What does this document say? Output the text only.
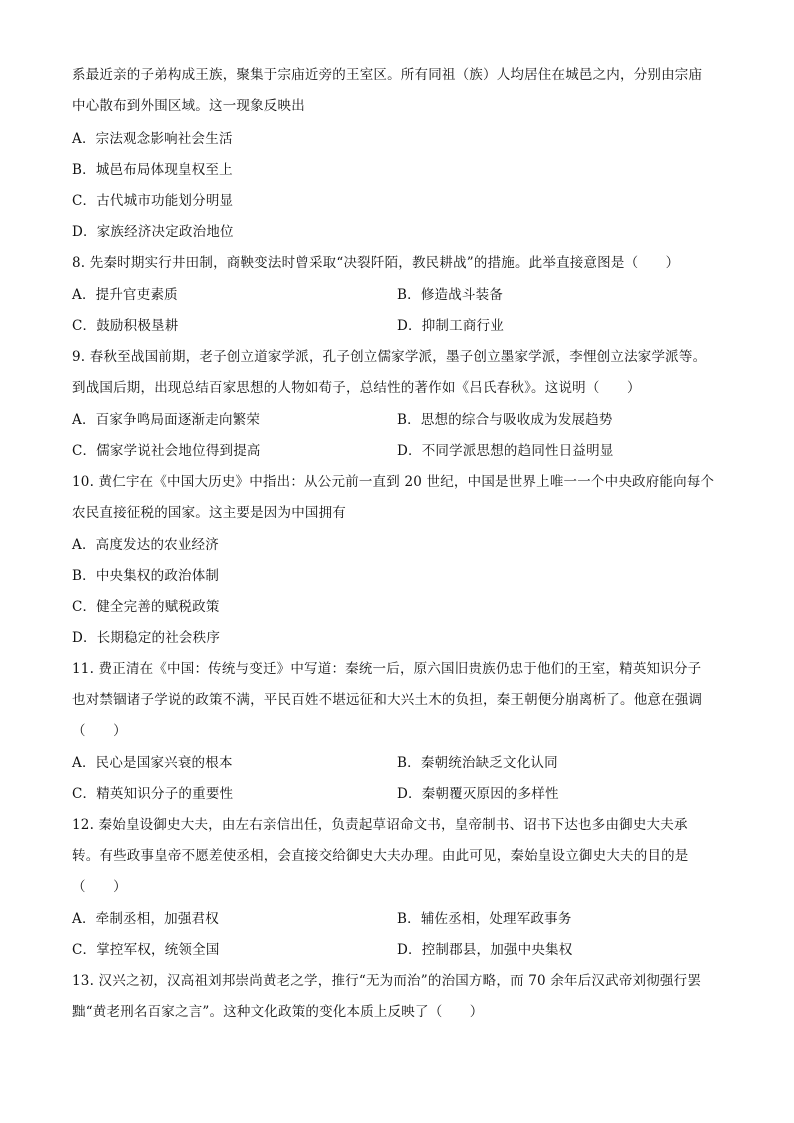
系最近亲的子弟构成王族，聚集于宗庙近旁的王室区。所有同祖（族）人均居住在城邑之内，分别由宗庙
中心散布到外围区域。这一现象反映出
A．宗法观念影响社会生活
B．城邑布局体现皇权至上
C．古代城市功能划分明显
D．家族经济决定政治地位
8. 先秦时期实行井田制，商鞅变法时曾采取“决裂阡陌，教民耕战”的措施。此举直接意图是（　　）
A．提升官吏素质	B．修造战斗装备
C．鼓励积极垦耕	D．抑制工商行业
9. 春秋至战国前期，老子创立道家学派，孔子创立儒家学派，墨子创立墨家学派，李悝创立法家学派等。
到战国后期，出现总结百家思想的人物如荀子，总结性的著作如《吕氏春秋》。这说明（　　）
A．百家争鸣局面逐渐走向繁荣	B．思想的综合与吸收成为发展趋势
C．儒家学说社会地位得到提高	D．不同学派思想的趋同性日益明显
10. 黄仁宇在《中国大历史》中指出：从公元前一直到 20 世纪，中国是世界上唯一一个中央政府能向每个
农民直接征税的国家。这主要是因为中国拥有
A．高度发达的农业经济
B．中央集权的政治体制
C．健全完善的赋税政策
D．长期稳定的社会秩序
11. 费正清在《中国：传统与变迁》中写道：秦统一后，原六国旧贵族仍忠于他们的王室，精英知识分子
也对禁锢诸子学说的政策不满，平民百姓不堪远征和大兴土木的负担，秦王朝便分崩离析了。他意在强调
（　　）
A．民心是国家兴衰的根本	B．秦朝统治缺乏文化认同
C．精英知识分子的重要性	D．秦朝覆灭原因的多样性
12. 秦始皇设御史大夫，由左右亲信出任，负责起草诏命文书，皇帝制书、诏书下达也多由御史大夫承
转。有些政事皇帝不愿差使丞相，会直接交给御史大夫办理。由此可见，秦始皇设立御史大夫的目的是
（　　）
A．牵制丞相，加强君权	B．辅佐丞相，处理军政事务
C．掌控军权，统领全国	D．控制郡县，加强中央集权
13. 汉兴之初，汉高祖刘邦崇尚黄老之学，推行“无为而治”的治国方略，而 70 余年后汉武帝刘彻强行罢
黜“黄老刑名百家之言”。这种文化政策的变化本质上反映了（　　）
